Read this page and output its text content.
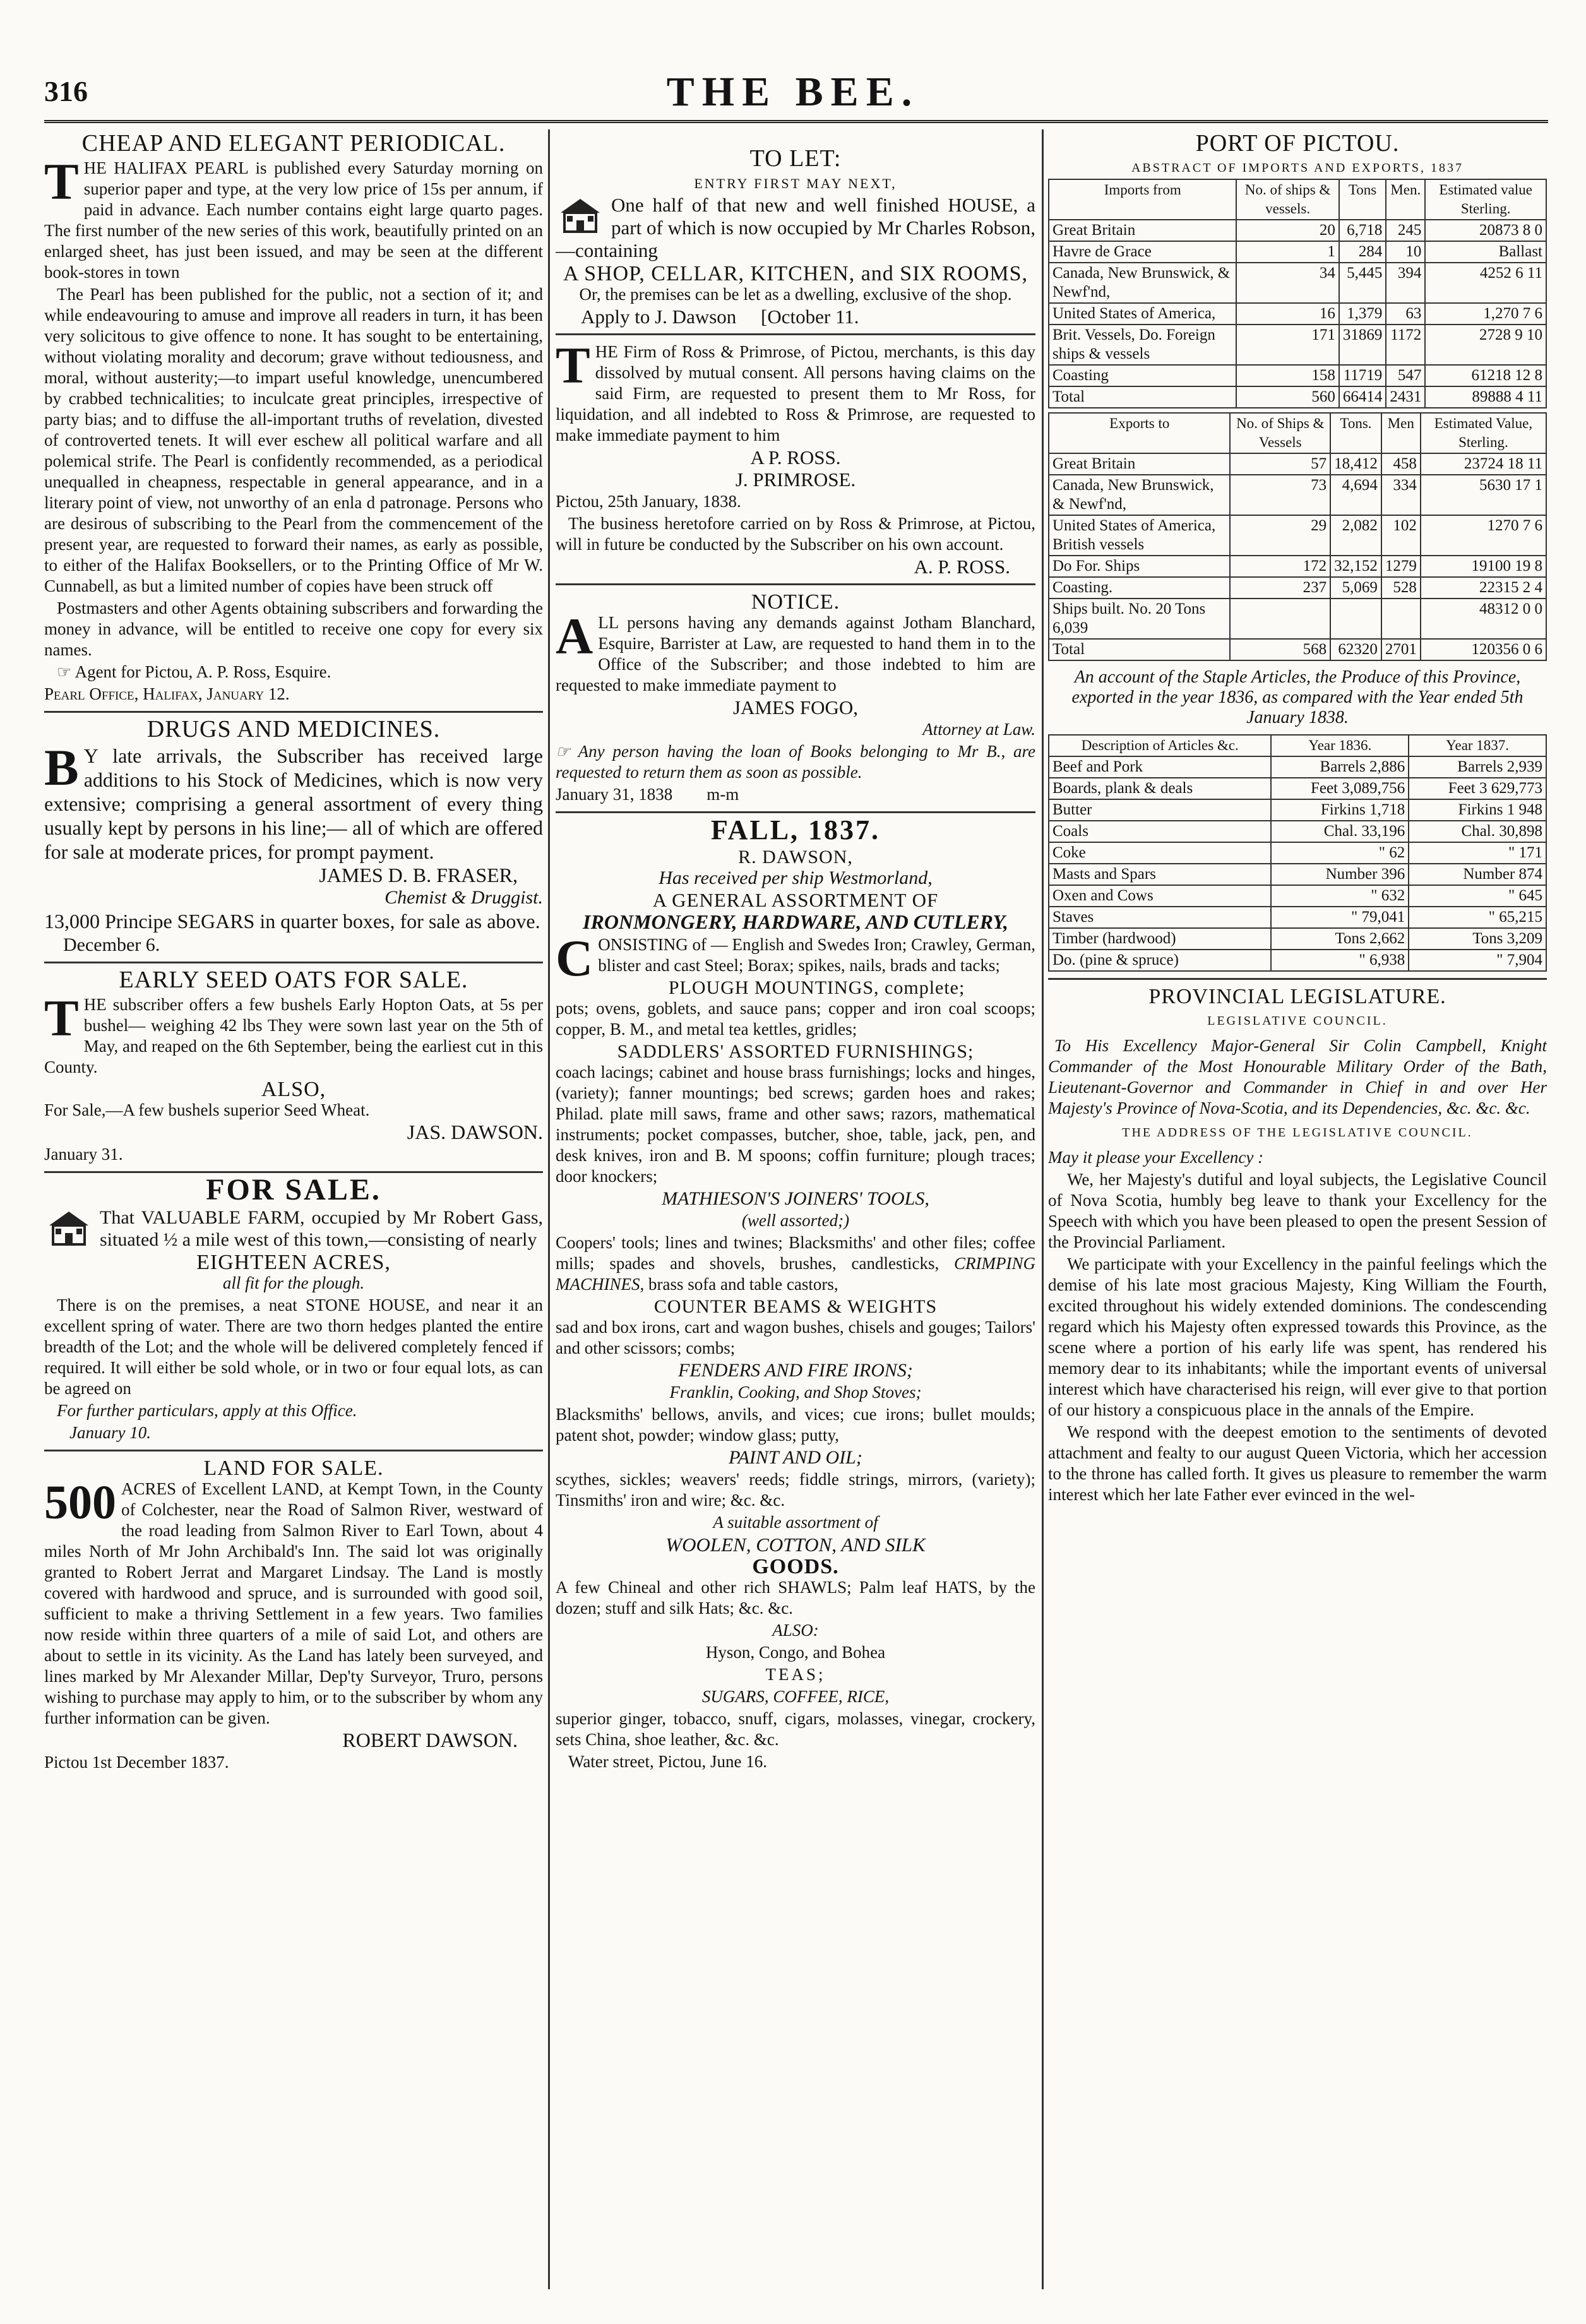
316	THE BEE.
CHEAP AND ELEGANT PERIODICAL.

THE HALIFAX PEARL is published every Saturday morning on superior paper and type, at the very low price of 15s per annum, if paid in advance. Each number contains eight large quarto pages. The first number of the new series of this work, beautifully printed on an enlarged sheet, has just been issued, and may be seen at the different book-stores in town

The Pearl has been published for the public, not a section of it; and while endeavouring to amuse and improve all readers in turn, it has been very solicitous to give offence to none. It has sought to be entertaining, without violating morality and decorum; grave without tediousness, and moral, without austerity;—to impart useful knowledge, unencumbered by crabbed technicalities; to inculcate great principles, irrespective of party bias; and to diffuse the all-important truths of revelation, divested of controverted tenets. It will ever eschew all political warfare and all polemical strife. The Pearl is confidently recommended, as a periodical unequalled in cheapness, respectable in general appearance, and in a literary point of view, not unworthy of an enla d patronage. Persons who are desirous of subscribing to the Pearl from the commencement of the present year, are requested to forward their names, as early as possible, to either of the Halifax Booksellers, or to the Printing Office of Mr W. Cunnabell, as but a limited number of copies have been struck off

Postmasters and other Agents obtaining subscribers and forwarding the money in advance, will be entitled to receive one copy for every six names.

☞ Agent for Pictou, A. P. Ross, Esquire.

Pearl Office, Halifax, January 12.

DRUGS AND MEDICINES.

B Y late arrivals, the Subscriber has received large additions to his Stock of Medicines, which is now very extensive; comprising a general assortment of every thing usually kept by persons in his line;— all of which are offered for sale at moderate prices, for prompt payment.

JAMES D. B. FRASER,

Chemist & Druggist.

13,000 Principe SEGARS in quarter boxes, for sale as above.

December 6.

EARLY SEED OATS FOR SALE.

THE subscriber offers a few bushels Early Hopton Oats, at 5s per bushel— weighing 42 lbs They were sown last year on the 5th of May, and reaped on the 6th September, being the earliest cut in this County.

ALSO,

For Sale,—A few bushels superior Seed Wheat.

JAS. DAWSON.

January 31.

FOR SALE.

That VALUABLE FARM, occupied by Mr Robert Gass, situated ½ a mile west of this town,—consisting of nearly

EIGHTEEN ACRES,

all fit for the plough.

There is on the premises, a neat STONE HOUSE, and near it an excellent spring of water. There are two thorn hedges planted the entire breadth of the Lot; and the whole will be delivered completely fenced if required. It will either be sold whole, or in two or four equal lots, as can be agreed on

For further particulars, apply at this Office.

January 10.

LAND FOR SALE.

500 ACRES of Excellent LAND, at Kempt Town, in the County of Colchester, near the Road of Salmon River, westward of the road leading from Salmon River to Earl Town, about 4 miles North of Mr John Archibald's Inn. The said lot was originally granted to Robert Jerrat and Margaret Lindsay. The Land is mostly covered with hardwood and spruce, and is surrounded with good soil, sufficient to make a thriving Settlement in a few years. Two families now reside within three quarters of a mile of said Lot, and others are about to settle in its vicinity. As the Land has lately been surveyed, and lines marked by Mr Alexander Millar, Dep'ty Surveyor, Truro, persons wishing to purchase may apply to him, or to the subscriber by whom any further information can be given.

ROBERT DAWSON.

Pictou 1st December 1837.

TO LET:
ENTRY FIRST MAY NEXT,

One half of that new and well finished HOUSE, a part of which is now occupied by Mr Charles Robson,—containing

A SHOP, CELLAR, KITCHEN, and SIX ROOMS,

Or, the premises can be let as a dwelling, exclusive of the shop.

Apply to J. Dawson [October 11.

THE Firm of Ross & Primrose, of Pictou, merchants, is this day dissolved by mutual consent. All persons having claims on the said Firm, are requested to present them to Mr Ross, for liquidation, and all indebted to Ross & Primrose, are requested to make immediate payment to him

A P. ROSS.

J. PRIMROSE.

Pictou, 25th January, 1838.

The business heretofore carried on by Ross & Primrose, at Pictou, will in future be conducted by the Subscriber on his own account.

A. P. ROSS.

NOTICE.

ALL persons having any demands against Jotham Blanchard, Esquire, Barrister at Law, are requested to hand them in to the Office of the Subscriber; and those indebted to him are requested to make immediate payment to

JAMES FOGO,

Attorney at Law.

☞ Any person having the loan of Books belonging to Mr B., are requested to return them as soon as possible.

January 31, 1838 m-m

FALL, 1837.
R. DAWSON,

Has received per ship Westmorland,

A GENERAL ASSORTMENT OF

IRONMONGERY, HARDWARE, AND CUTLERY,

CONSISTING of — English and Swedes Iron; Crawley, German, blister and cast Steel; Borax; spikes, nails, brads and tacks;

PLOUGH MOUNTINGS, complete;

pots; ovens, goblets, and sauce pans; copper and iron coal scoops; copper, B. M., and metal tea kettles, gridles;

SADDLERS' ASSORTED FURNISHINGS;

coach lacings; cabinet and house brass furnishings; locks and hinges, (variety); fanner mountings; bed screws; garden hoes and rakes; Philad. plate mill saws, frame and other saws; razors, mathematical instruments; pocket compasses, butcher, shoe, table, jack, pen, and desk knives, iron and B. M spoons; coffin furniture; plough traces; door knockers;

MATHIESON'S JOINERS' TOOLS,

(well assorted;)

Coopers' tools; lines and twines; Blacksmiths' and other files; coffee mills; spades and shovels, brushes, candlesticks, CRIMPING MACHINES, brass sofa and table castors,

COUNTER BEAMS & WEIGHTS

sad and box irons, cart and wagon bushes, chisels and gouges; Tailors' and other scissors; combs;

FENDERS AND FIRE IRONS;

Franklin, Cooking, and Shop Stoves;

Blacksmiths' bellows, anvils, and vices; cue irons; bullet moulds; patent shot, powder; window glass; putty,

PAINT AND OIL;

scythes, sickles; weavers' reeds; fiddle strings, mirrors, (variety); Tinsmiths' iron and wire; &c. &c.

A suitable assortment of

WOOLEN, COTTON, AND SILK

GOODS.

A few Chineal and other rich SHAWLS; Palm leaf HATS, by the dozen; stuff and silk Hats; &c. &c.

ALSO:

Hyson, Congo, and Bohea

TEAS;

SUGARS, COFFEE, RICE,

superior ginger, tobacco, snuff, cigars, molasses, vinegar, crockery, sets China, shoe leather, &c. &c.

Water street, Pictou, June 16.

PORT OF PICTOU.
ABSTRACT OF IMPORTS AND EXPORTS, 1837
Imports from	No. of ships & vessels.	Tons	Men.	Estimated value Sterling.
Great Britain	20	6,718	245	20873 8 0
Havre de Grace	1	284	10	Ballast
Canada, New Brunswick, & Newf'nd,	34	5,445	394	4252 6 11
United States of America,	16	1,379	63	1,270 7 6
Brit. Vessels, Do. Foreign ships & vessels	171	31869	1172	2728 9 10
Coasting	158	11719	547	61218 12 8
Total	560	66414	2431	89888 4 11
Exports to	No. of Ships & Vessels	Tons.	Men	Estimated Value, Sterling.
Great Britain	57	18,412	458	23724 18 11
Canada, New Brunswick, & Newf'nd,	73	4,694	334	5630 17 1
United States of America, British vessels	29	2,082	102	1270 7 6
Do For. Ships	172	32,152	1279	19100 19 8
Coasting.	237	5,069	528	22315 2 4
Ships built. No. 20 Tons 6,039				48312 0 0
Total	568	62320	2701	120356 0 6

An account of the Staple Articles, the Produce of this Province, exported in the year 1836, as compared with the Year ended 5th January 1838.

Description of Articles &c.	Year 1836.	Year 1837.
Beef and Pork	Barrels 2,886	Barrels 2,939
Boards, plank & deals	Feet 3,089,756	Feet 3 629,773
Butter	Firkins 1,718	Firkins 1 948
Coals	Chal. 33,196	Chal. 30,898
Coke	" 62	" 171
Masts and Spars	Number 396	Number 874
Oxen and Cows	" 632	" 645
Staves	" 79,041	" 65,215
Timber (hardwood)	Tons 2,662	Tons 3,209
Do. (pine & spruce)	" 6,938	" 7,904
PROVINCIAL LEGISLATURE.
LEGISLATIVE COUNCIL.

To His Excellency Major-General Sir Colin Campbell, Knight Commander of the Most Honourable Military Order of the Bath, Lieutenant-Governor and Commander in Chief in and over Her Majesty's Province of Nova-Scotia, and its Dependencies, &c. &c. &c.

THE ADDRESS OF THE LEGISLATIVE COUNCIL.

May it please your Excellency :

We, her Majesty's dutiful and loyal subjects, the Legislative Council of Nova Scotia, humbly beg leave to thank your Excellency for the Speech with which you have been pleased to open the present Session of the Provincial Parliament.

We participate with your Excellency in the painful feelings which the demise of his late most gracious Majesty, King William the Fourth, excited throughout his widely extended dominions. The condescending regard which his Majesty often expressed towards this Province, as the scene where a portion of his early life was spent, has rendered his memory dear to its inhabitants; while the important events of universal interest which have characterised his reign, will ever give to that portion of our history a conspicuous place in the annals of the Empire.

We respond with the deepest emotion to the sentiments of devoted attachment and fealty to our august Queen Victoria, which her accession to the throne has called forth. It gives us pleasure to remember the warm interest which her late Father ever evinced in the wel-
